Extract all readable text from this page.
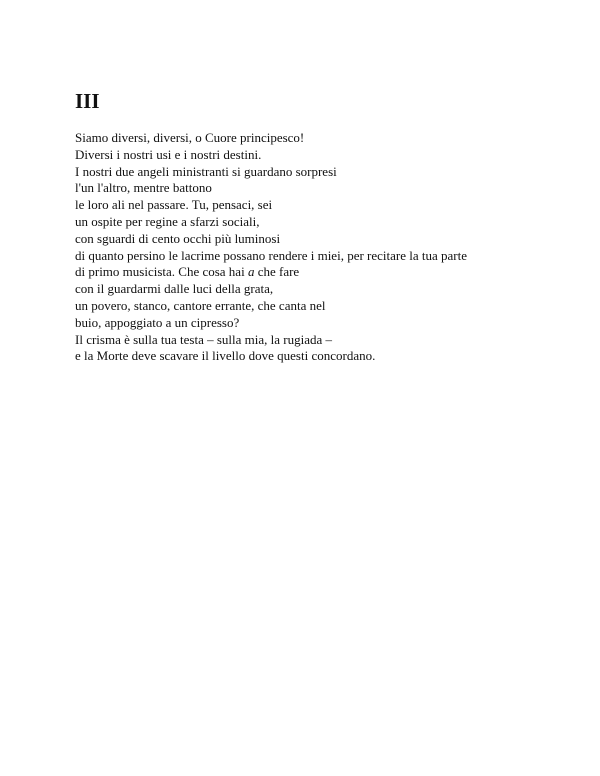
III
Siamo diversi, diversi, o Cuore principesco!
Diversi i nostri usi e i nostri destini.
I nostri due angeli ministranti si guardano sorpresi
l'un l'altro, mentre battono
le loro ali nel passare. Tu, pensaci, sei
un ospite per regine a sfarzi sociali,
con sguardi di cento occhi più luminosi
di quanto persino le lacrime possano rendere i miei, per recitare la tua parte
di primo musicista. Che cosa hai a che fare
con il guardarmi dalle luci della grata,
un povero, stanco, cantore errante, che canta nel
buio, appoggiato a un cipresso?
Il crisma è sulla tua testa – sulla mia, la rugiada –
e la Morte deve scavare il livello dove questi concordano.
